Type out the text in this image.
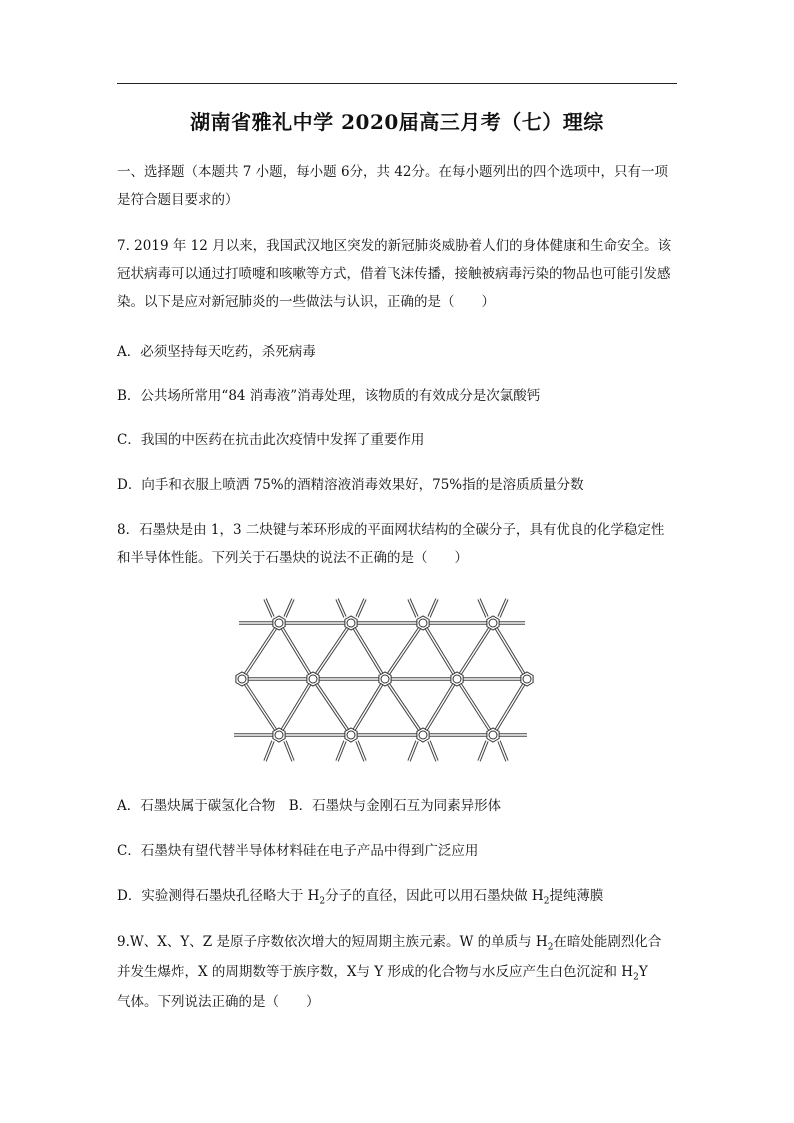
湖南省雅礼中学 2020届高三月考（七）理综

一、选择题（本题共 7 小题，每小题 6分，共 42分。在每小题列出的四个选项中，只有一项是符合题目要求的）

7. 2019 年 12 月以来，我国武汉地区突发的新冠肺炎威胁着人们的身体健康和生命安全。该冠状病毒可以通过打喷嚏和咳嗽等方式，借着飞沫传播，接触被病毒污染的物品也可能引发感染。以下是应对新冠肺炎的一些做法与认识，正确的是（　　）

A．必须坚持每天吃药，杀死病毒

B．公共场所常用“84 消毒液”消毒处理，该物质的有效成分是次氯酸钙

C．我国的中医药在抗击此次疫情中发挥了重要作用

D．向手和衣服上喷洒 75%的酒精溶液消毒效果好，75%指的是溶质质量分数

8．石墨炔是由 1，3 二炔键与苯环形成的平面网状结构的全碳分子，具有优良的化学稳定性和半导体性能。下列关于石墨炔的说法不正确的是（　　）

A．石墨炔属于碳氢化合物　B．石墨炔与金刚石互为同素异形体

C．石墨炔有望代替半导体材料硅在电子产品中得到广泛应用

D．实验测得石墨炔孔径略大于 $H_2$分子的直径，因此可以用石墨炔做 $H_2$提纯薄膜

9.W、X、Y、Z 是原子序数依次增大的短周期主族元素。W 的单质与 $H_2$在暗处能剧烈化合

并发生爆炸，X 的周期数等于族序数，X与 Y 形成的化合物与水反应产生白色沉淀和 $H_2Y$

气体。下列说法正确的是（　　）
